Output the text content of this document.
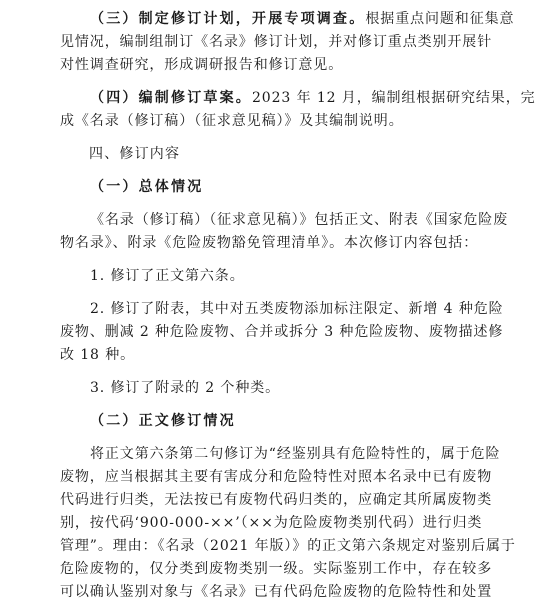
（三）制定修订计划，开展专项调查。根据重点问题和征集意
见情况，编制组制订《名录》修订计划，并对修订重点类别开展针
对性调查研究，形成调研报告和修订意见。
（四）编制修订草案。2023 年 12 月，编制组根据研究结果，完
成《名录（修订稿）（征求意见稿）》及其编制说明。
四、修订内容
（一）总体情况
《名录（修订稿）（征求意见稿）》包括正文、附表《国家危险废
物名录》、附录《危险废物豁免管理清单》。本次修订内容包括：
1. 修订了正文第六条。
2. 修订了附表，其中对五类废物添加标注限定、新增 4 种危险
废物、删减 2 种危险废物、合并或拆分 3 种危险废物、废物描述修
改 18 种。
3. 修订了附录的 2 个种类。
（二）正文修订情况
将正文第六条第二句修订为“经鉴别具有危险特性的，属于危险
废物，应当根据其主要有害成分和危险特性对照本名录中已有废物
代码进行归类，无法按已有废物代码归类的，应确定其所属废物类
别，按代码‘900-000-××’（××为危险废物类别代码）进行归类
管理”。理由：《名录（2021 年版）》的正文第六条规定对鉴别后属于
危险废物的，仅分类到废物类别一级。实际鉴别工作中，存在较多
可以确认鉴别对象与《名录》已有代码危险废物的危险特性和处置
